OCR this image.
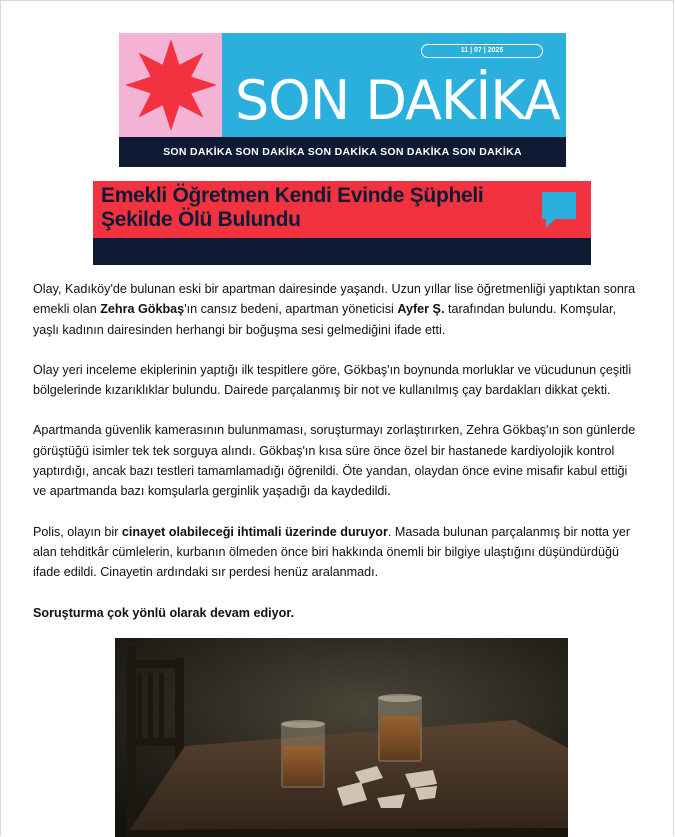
11 | 07 | 2025
SON DAKİKA
SON DAKİKA SON DAKİKA SON DAKİKA SON DAKİKA SON DAKİKA
Emekli Öğretmen Kendi Evinde Şüpheli Şekilde Ölü Bulundu

Olay, Kadıköy'de bulunan eski bir apartman dairesinde yaşandı. Uzun yıllar lise öğretmenliği yaptıktan sonra emekli olan Zehra Gökbaş'ın cansız bedeni, apartman yöneticisi Ayfer Ş. tarafından bulundu. Komşular, yaşlı kadının dairesinden herhangi bir boğuşma sesi gelmediğini ifade etti.

Olay yeri inceleme ekiplerinin yaptığı ilk tespitlere göre, Gökbaş'ın boynunda morluklar ve vücudunun çeşitli bölgelerinde kızarıklıklar bulundu. Dairede parçalanmış bir not ve kullanılmış çay bardakları dikkat çekti.

Apartmanda güvenlik kamerasının bulunmaması, soruşturmayı zorlaştırırken, Zehra Gökbaş'ın son günlerde görüştüğü isimler tek tek sorguya alındı. Gökbaş'ın kısa süre önce özel bir hastanede kardiyolojik kontrol yaptırdığı, ancak bazı testleri tamamlamadığı öğrenildi. Öte yandan, olaydan önce evine misafir kabul ettiği ve apartmanda bazı komşularla gerginlik yaşadığı da kaydedildi.

Polis, olayın bir cinayet olabileceği ihtimali üzerinde duruyor. Masada bulunan parçalanmış bir notta yer alan tehditkâr cümlelerin, kurbanın ölmeden önce biri hakkında önemli bir bilgiye ulaştığını düşündürdüğü ifade edildi. Cinayetin ardındaki sır perdesi henüz aralanmadı.

Soruşturma çok yönlü olarak devam ediyor.
